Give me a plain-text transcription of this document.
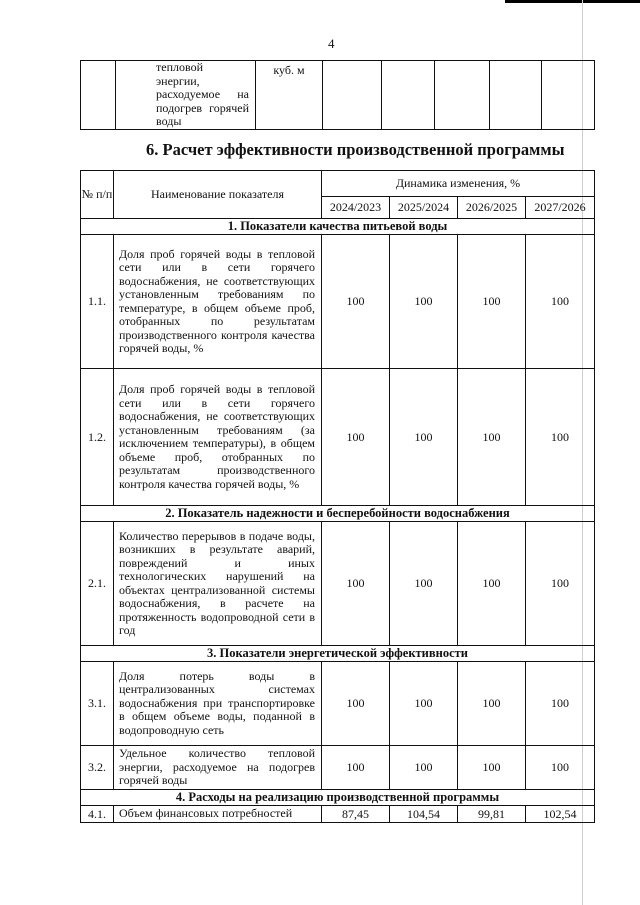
4
	тепловой энергии, расходуемое на подогрев горячей воды	куб. м					
6. Расчет эффективности производственной программы
№ п/п	Наименование показателя	Динамика изменения, %			
		2024/2023	2025/2024	2026/2025	2027/2026
1. Показатели качества питьевой воды					
1.1.	Доля проб горячей воды в тепловой сети или в сети горячего водоснабжения, не соответствующих установленным требованиям по температуре, в общем объеме проб, отобранных по результатам производственного контроля качества горячей воды, %	100	100	100	100
1.2.	Доля проб горячей воды в тепловой сети или в сети горячего водоснабжения, не соответствующих установленным требованиям (за исключением температуры), в общем объеме проб, отобранных по результатам производственного контроля качества горячей воды, %	100	100	100	100
2. Показатель надежности и бесперебойности водоснабжения					
2.1.	Количество перерывов в подаче воды, возникших в результате аварий, повреждений и иных технологических нарушений на объектах централизованной системы водоснабжения, в расчете на протяженность водопроводной сети в год	100	100	100	100
3. Показатели энергетической эффективности					
3.1.	Доля потерь воды в централизованных системах водоснабжения при транспортировке в общем объеме воды, поданной в водопроводную сеть	100	100	100	100
3.2.	Удельное количество тепловой энергии, расходуемое на подогрев горячей воды	100	100	100	100
4. Расходы на реализацию производственной программы					
4.1.	Объем финансовых потребностей	87,45	104,54	99,81	102,54
